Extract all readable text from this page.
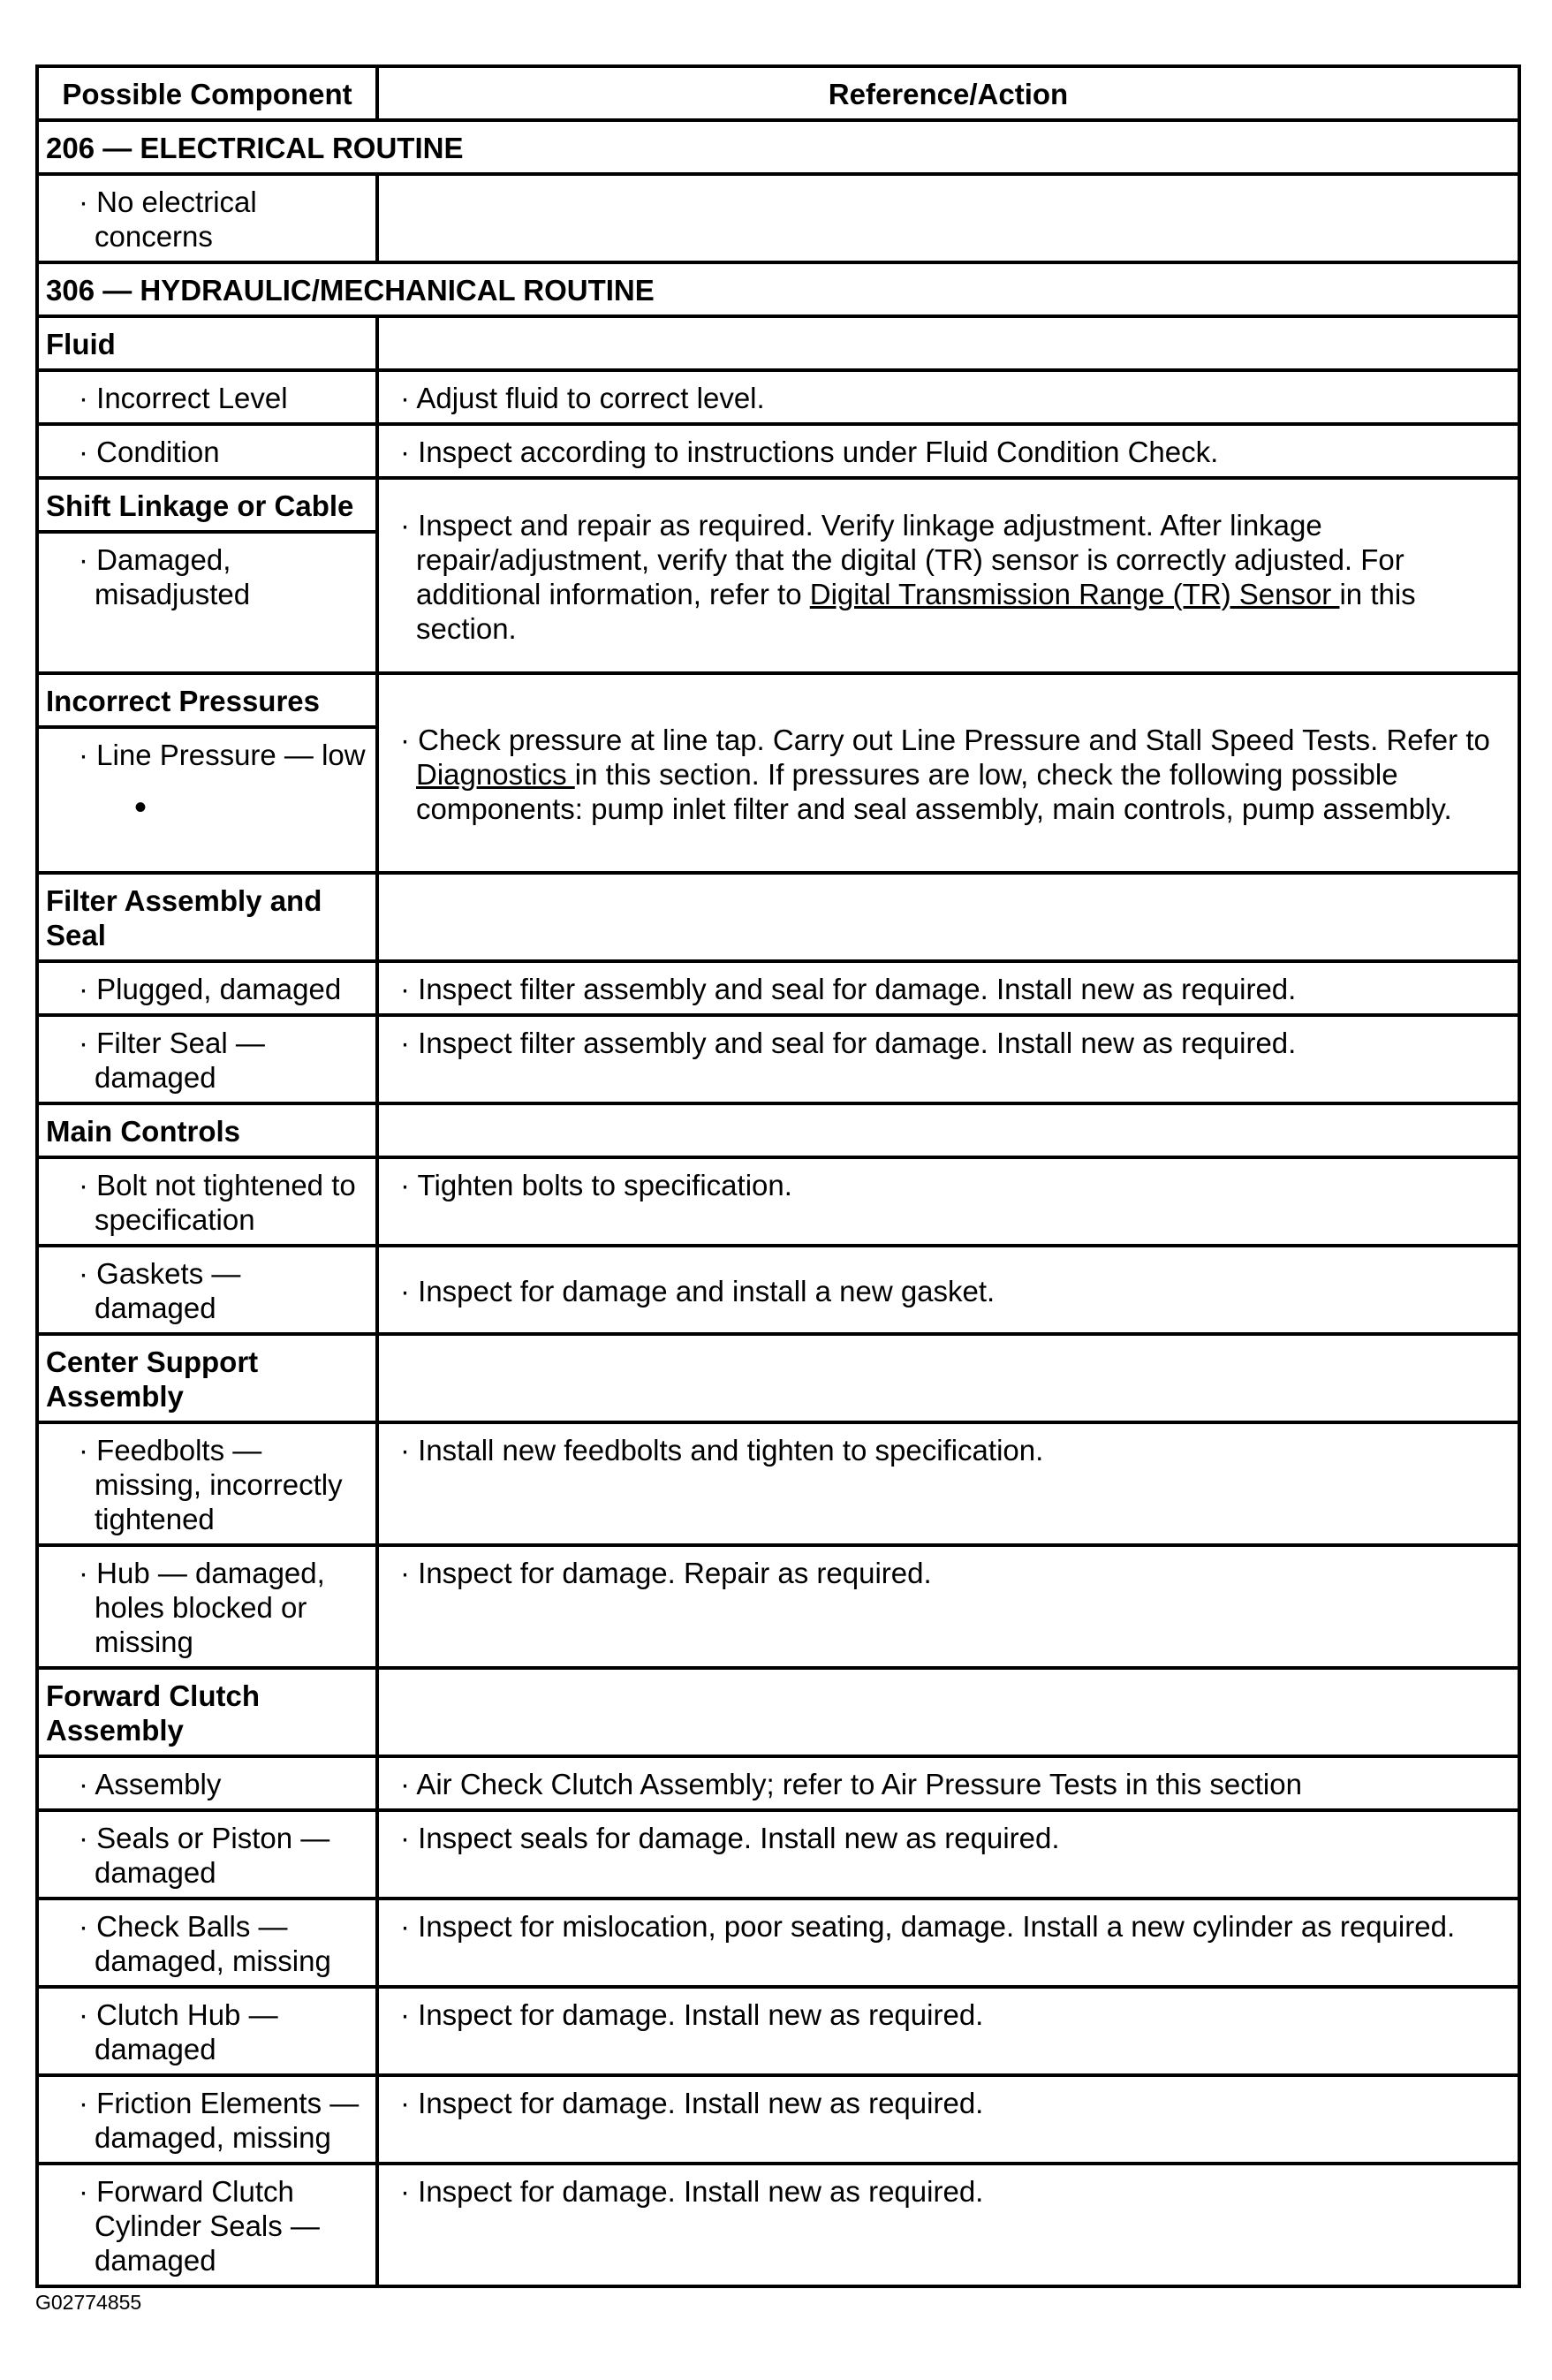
Possible Component	Reference/Action
206 — ELECTRICAL ROUTINE	

· No electrical concerns	

306 — HYDRAULIC/MECHANICAL ROUTINE	
Fluid	

· Incorrect Level	· Adjust fluid to correct level.

· Condition	· Inspect according to instructions under Fluid Condition Check.

Shift Linkage or Cable	· Inspect and repair as required. Verify linkage adjustment. After linkage repair/adjustment, verify that the digital (TR) sensor is correctly adjusted. For additional information, refer to Digital Transmission Range (TR) Sensor in this section.

· Damaged, misadjusted	

Incorrect Pressures	· Check pressure at line tap. Carry out Line Pressure and Stall Speed Tests. Refer to Diagnostics in this section. If pressures are low, check the following possible components: pump inlet filter and seal assembly, main controls, pump assembly.

· Line Pressure — low
•	

Filter Assembly and Seal	

· Plugged, damaged	· Inspect filter assembly and seal for damage. Install new as required.

· Filter Seal — damaged	· Inspect filter assembly and seal for damage. Install new as required.

Main Controls	

· Bolt not tightened to specification	· Tighten bolts to specification.

· Gaskets — damaged	· Inspect for damage and install a new gasket.

Center Support Assembly	

· Feedbolts — missing, incorrectly tightened	· Install new feedbolts and tighten to specification.

· Hub — damaged, holes blocked or missing	· Inspect for damage. Repair as required.

Forward Clutch Assembly	

· Assembly	· Air Check Clutch Assembly; refer to Air Pressure Tests in this section

· Seals or Piston — damaged	· Inspect seals for damage. Install new as required.

· Check Balls — damaged, missing	· Inspect for mislocation, poor seating, damage. Install a new cylinder as required.

· Clutch Hub — damaged	· Inspect for damage. Install new as required.

· Friction Elements — damaged, missing	· Inspect for damage. Install new as required.

· Forward Clutch Cylinder Seals — damaged	· Inspect for damage. Install new as required.
G02774855
